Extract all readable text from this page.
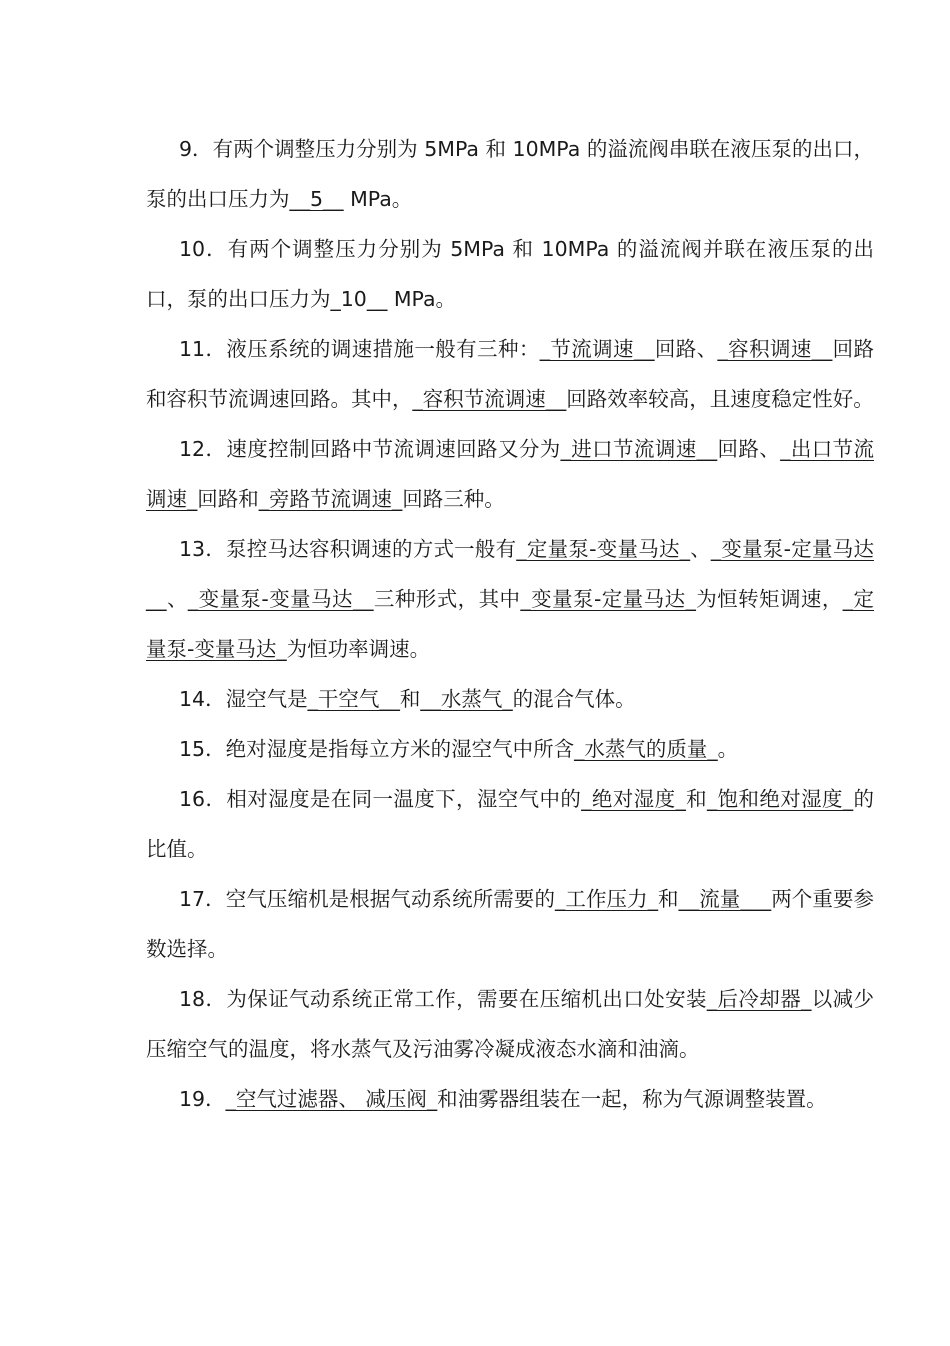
9．有两个调整压力分别为 5MPa 和 10MPa 的溢流阀串联在液压泵的出口，泵的出口压力为__5__ MPa。

10．有两个调整压力分别为 5MPa 和 10MPa 的溢流阀并联在液压泵的出口，泵的出口压力为_10__ MPa。

11．液压系统的调速措施一般有三种：_节流调速__回路、_容积调速__回路和容积节流调速回路。其中，_容积节流调速__回路效率较高，且速度稳定性好。

12．速度控制回路中节流调速回路又分为_进口节流调速__回路、_出口节流调速_回路和_旁路节流调速_回路三种。

13．泵控马达容积调速的方式一般有_定量泵-变量马达_、_变量泵-定量马达__、_变量泵-变量马达__三种形式，其中_变量泵-定量马达_为恒转矩调速，_定量泵-变量马达_为恒功率调速。

14．湿空气是_干空气__和__水蒸气_的混合气体。

15．绝对湿度是指每立方米的湿空气中所含_水蒸气的质量_。

16．相对湿度是在同一温度下，湿空气中的_绝对湿度_和_饱和绝对湿度_的比值。

17．空气压缩机是根据气动系统所需要的_工作压力_和__流量___两个重要参数选择。

18．为保证气动系统正常工作，需要在压缩机出口处安装_后冷却器_以减少压缩空气的温度，将水蒸气及污油雾冷凝成液态水滴和油滴。

19．_空气过滤器、 减压阀_和油雾器组装在一起，称为气源调整装置。
